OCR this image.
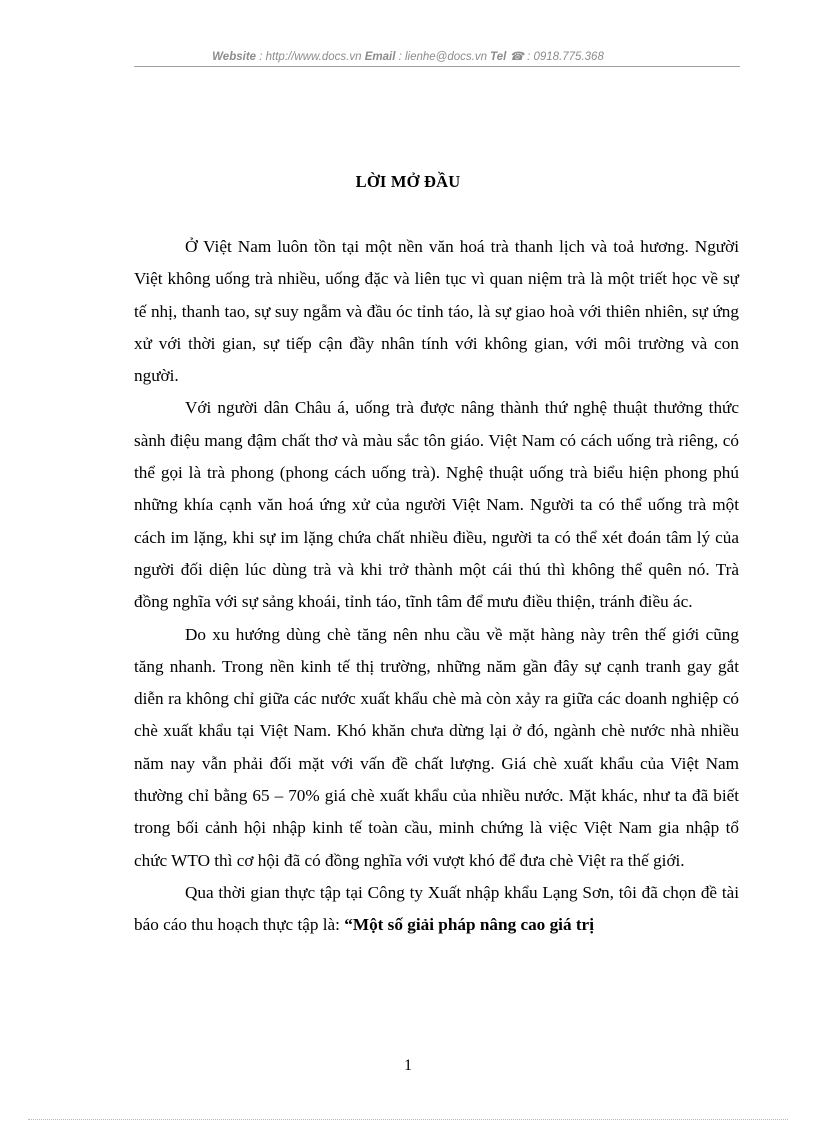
Website : http://www.docs.vn Email : lienhe@docs.vn Tel ☎ : 0918.775.368
LỜI MỞ ĐẦU

Ở Việt Nam luôn tồn tại một nền văn hoá trà thanh lịch và toả hương. Người Việt không uống trà nhiều, uống đặc và liên tục vì quan niệm trà là một triết học về sự tế nhị, thanh tao, sự suy ngẫm và đầu óc tỉnh táo, là sự giao hoà với thiên nhiên, sự ứng xử với thời gian, sự tiếp cận đầy nhân tính với không gian, với môi trường và con người.

Với người dân Châu á, uống trà được nâng thành thứ nghệ thuật thưởng thức sành điệu mang đậm chất thơ và màu sắc tôn giáo. Việt Nam có cách uống trà riêng, có thể gọi là trà phong (phong cách uống trà). Nghệ thuật uống trà biểu hiện phong phú những khía cạnh văn hoá ứng xử của người Việt Nam. Người ta có thể uống trà một cách im lặng, khi sự im lặng chứa chất nhiều điều, người ta có thể xét đoán tâm lý của người đối diện lúc dùng trà và khi trở thành một cái thú thì không thể quên nó. Trà đồng nghĩa với sự sảng khoái, tỉnh táo, tĩnh tâm để mưu điều thiện, tránh điều ác.

Do xu hướng dùng chè tăng nên nhu cầu về mặt hàng này trên thế giới cũng tăng nhanh. Trong nền kinh tế thị trường, những năm gần đây sự cạnh tranh gay gắt diễn ra không chỉ giữa các nước xuất khẩu chè mà còn xảy ra giữa các doanh nghiệp có chè xuất khẩu tại Việt Nam. Khó khăn chưa dừng lại ở đó, ngành chè nước nhà nhiều năm nay vẫn phải đối mặt với vấn đề chất lượng. Giá chè xuất khẩu của Việt Nam thường chỉ bằng 65 – 70% giá chè xuất khẩu của nhiều nước. Mặt khác, như ta đã biết trong bối cảnh hội nhập kinh tế toàn cầu, minh chứng là việc Việt Nam gia nhập tổ chức WTO thì cơ hội đã có đồng nghĩa với vượt khó để đưa chè Việt ra thế giới.

Qua thời gian thực tập tại Công ty Xuất nhập khẩu Lạng Sơn, tôi đã chọn đề tài báo cáo thu hoạch thực tập là: “Một số giải pháp nâng cao giá trị

1
